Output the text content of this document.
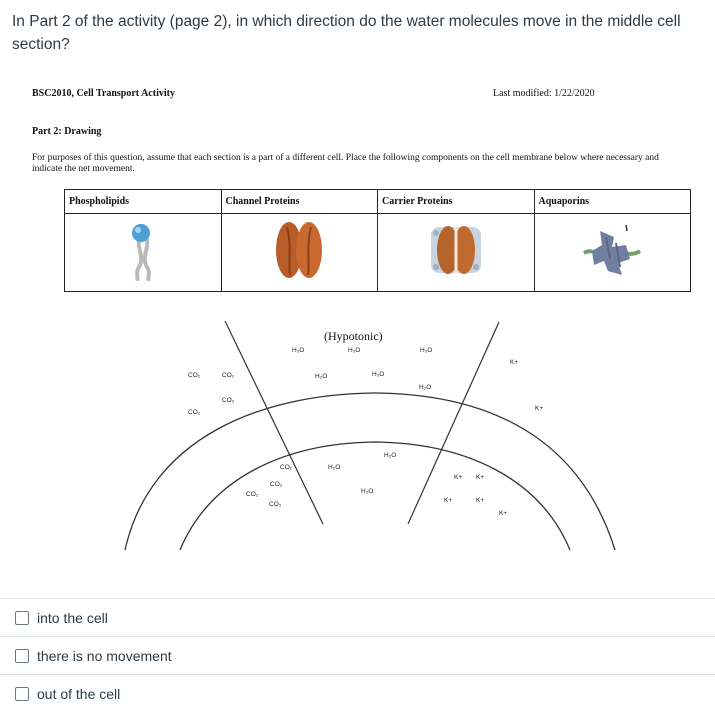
In Part 2 of the activity (page 2), in which direction do the water molecules move in the middle cell section?
BSC2010, Cell Transport Activity	Last modified: 1/22/2020
Part 2: Drawing
For purposes of this question, assume that each section is a part of a different cell. Place the following components on the cell membrane below where necessary and indicate the net movement.
Phospholipids	Channel Proteins	Carrier Proteins	Aquaporins

(Hypotonic)
H₂O	H₂O	H₂O
H₂O	H₂O
H₂O
CO₂	CO₂
CO₂
CO₂
K+
K+
H₂O
H₂O
H₂O
CO₂
CO₂
CO₂
CO₂
K+ K+
K+	K+
K+
into the cell
there is no movement
out of the cell
